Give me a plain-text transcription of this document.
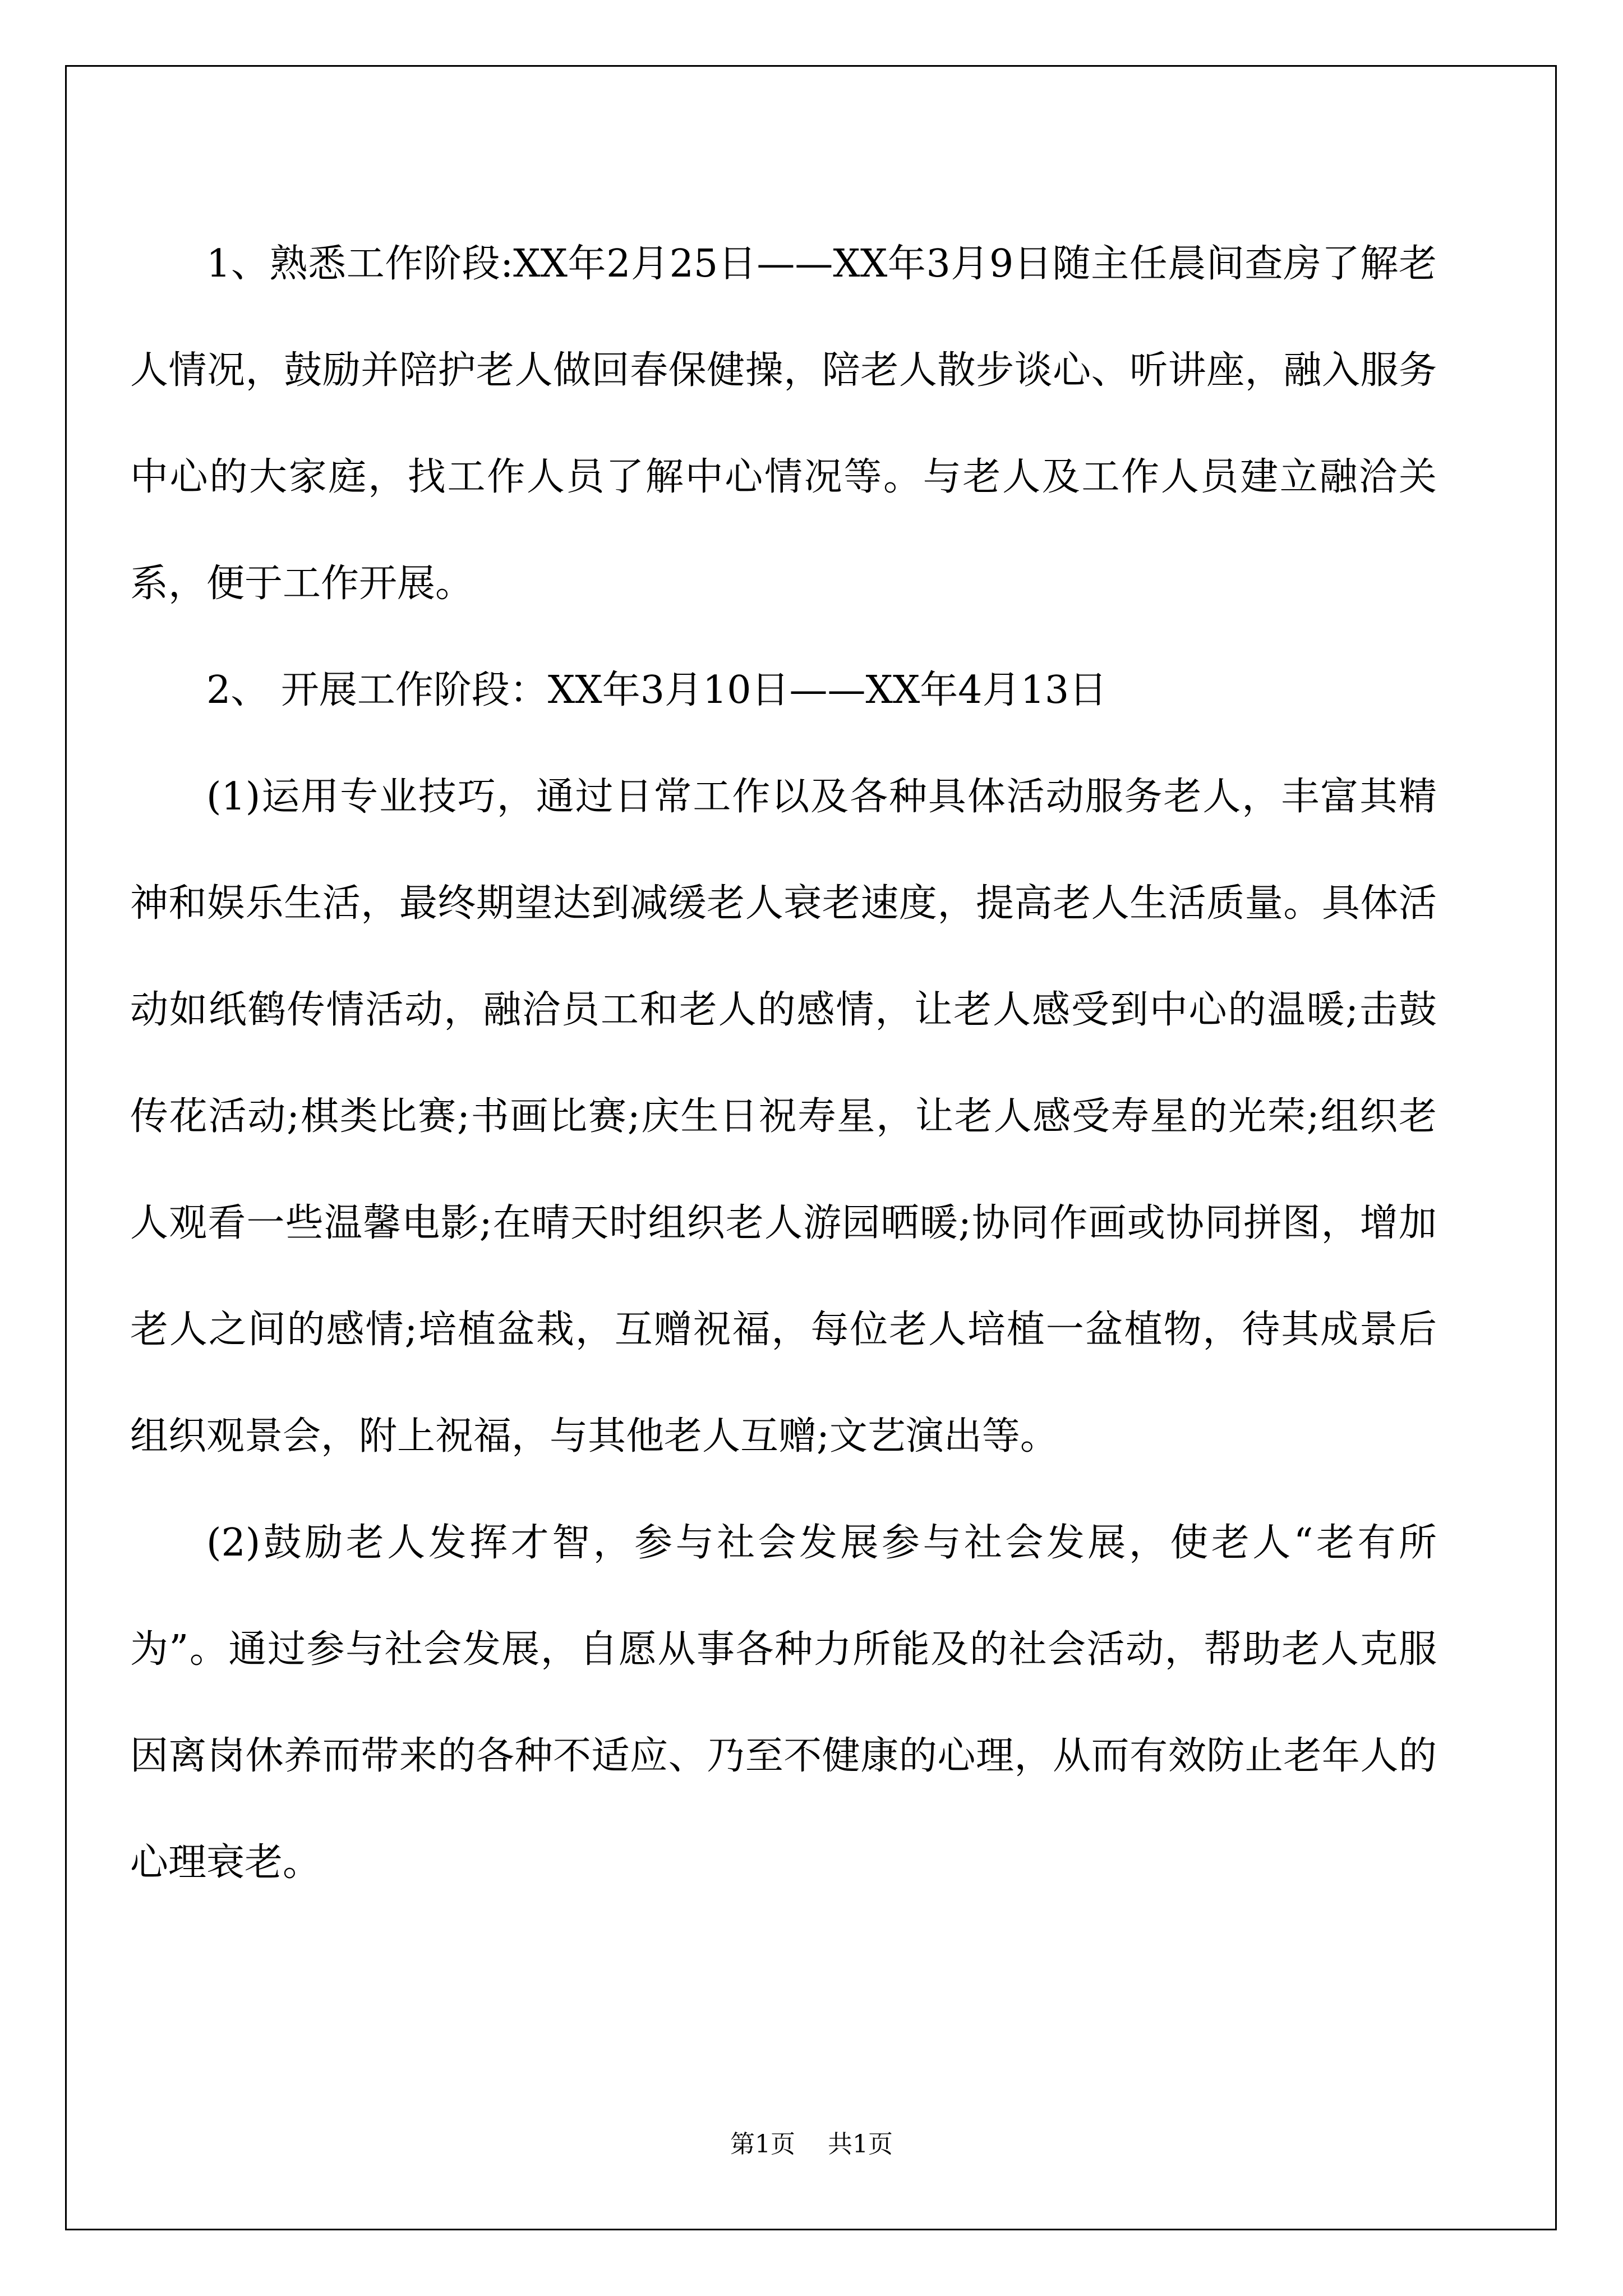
1、熟悉工作阶段:XX年2月25日——XX年3月9日随主任晨间查房了解老人情况，鼓励并陪护老人做回春保健操，陪老人散步谈心、听讲座，融入服务中心的大家庭，找工作人员了解中心情况等。与老人及工作人员建立融洽关系，便于工作开展。

2、 开展工作阶段：XX年3月10日——XX年4月13日

(1)运用专业技巧，通过日常工作以及各种具体活动服务老人，丰富其精神和娱乐生活，最终期望达到减缓老人衰老速度，提高老人生活质量。具体活动如纸鹤传情活动，融洽员工和老人的感情，让老人感受到中心的温暖;击鼓传花活动;棋类比赛;书画比赛;庆生日祝寿星，让老人感受寿星的光荣;组织老人观看一些温馨电影;在晴天时组织老人游园晒暖;协同作画或协同拼图，增加老人之间的感情;培植盆栽，互赠祝福，每位老人培植一盆植物，待其成景后组织观景会，附上祝福，与其他老人互赠;文艺演出等。

(2)鼓励老人发挥才智，参与社会发展参与社会发展，使老人“老有所为”。通过参与社会发展，自愿从事各种力所能及的社会活动，帮助老人克服因离岗休养而带来的各种不适应、乃至不健康的心理，从而有效防止老年人的心理衰老。

第1页 共1页
